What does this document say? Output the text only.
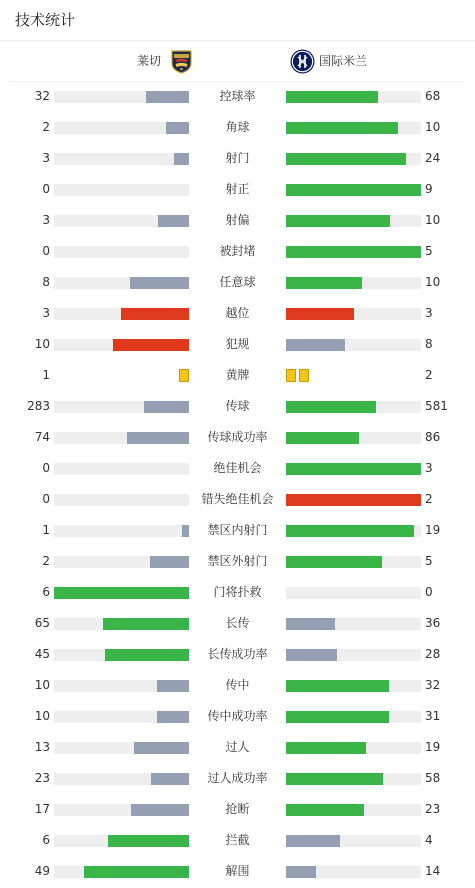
技术统计
莱切	国际米兰
32	控球率	68
2	角球	10
3	射门	24
0	射正	9
3	射偏	10
0	被封堵	5
8	任意球	10
3	越位	3
10	犯规	8
1	黄牌	2
283	传球	581
74	传球成功率	86
0	绝佳机会	3
0	错失绝佳机会	2
1	禁区内射门	19
2	禁区外射门	5
6	门将扑救	0
65	长传	36
45	长传成功率	28
10	传中	32
10	传中成功率	31
13	过人	19
23	过人成功率	58
17	抢断	23
6	拦截	4
49	解围	14
